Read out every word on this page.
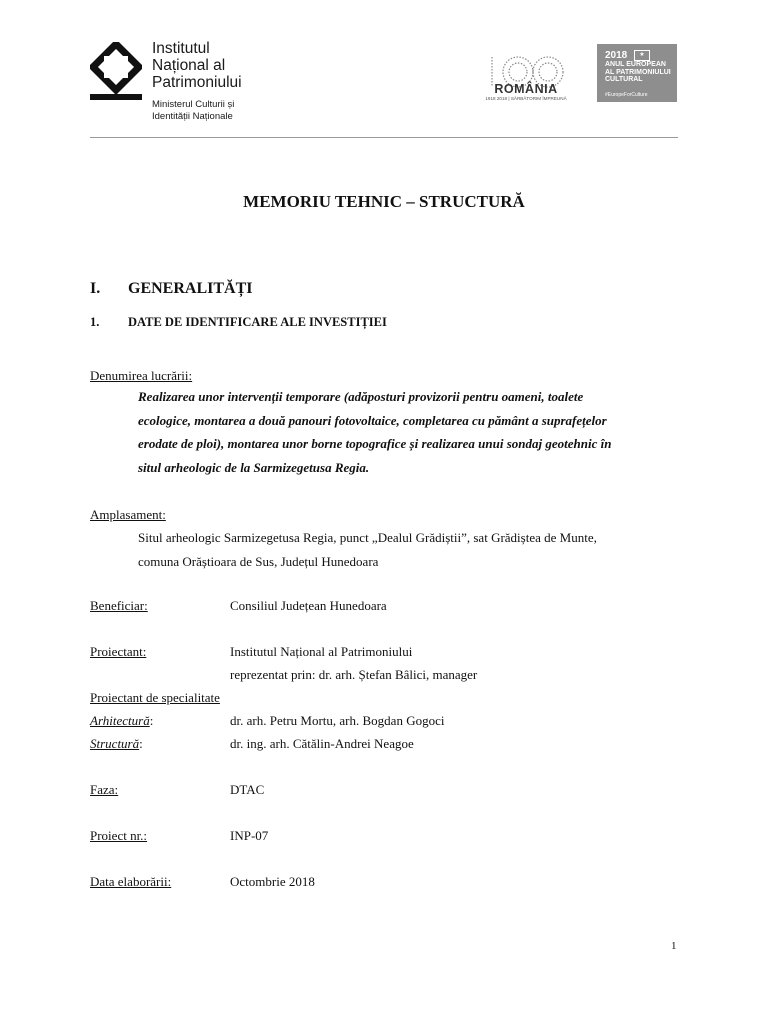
Institutul
Național al
Patrimoniului
Ministerul Culturii și
Identității Naționale
ROMÂNIA
1918 2018 | SĂRBĂTORIM ÎMPREUNĂ
2018	★
ANUL EUROPEAN
AL PATRIMONIULUI
CULTURAL
#EuropeForCulture
MEMORIU TEHNIC – STRUCTURĂ
I. GENERALITĂȚI
1. DATE DE IDENTIFICARE ALE INVESTIȚIEI
Denumirea lucrării:
Realizarea unor intervenții temporare (adăposturi provizorii pentru oameni, toalete
ecologice, montarea a două panouri fotovoltaice, completarea cu pământ a suprafețelor
erodate de ploi), montarea unor borne topografice și realizarea unui sondaj geotehnic în
situl arheologic de la Sarmizegetusa Regia.
Amplasament:
Situl arheologic Sarmizegetusa Regia, punct „Dealul Grădiștii”, sat Grădiștea de Munte,
comuna Orăștioara de Sus, Județul Hunedoara
Beneficiar:	Consiliul Județean Hunedoara
Proiectant:	Institutul Național al Patrimoniului
reprezentat prin: dr. arh. Ștefan Bâlici, manager
Proiectant de specialitate
Arhitectură:	dr. arh. Petru Mortu, arh. Bogdan Gogoci
Structură:	dr. ing. arh. Cătălin-Andrei Neagoe
Faza:	DTAC
Proiect nr.:	INP-07
Data elaborării:	Octombrie 2018
1
